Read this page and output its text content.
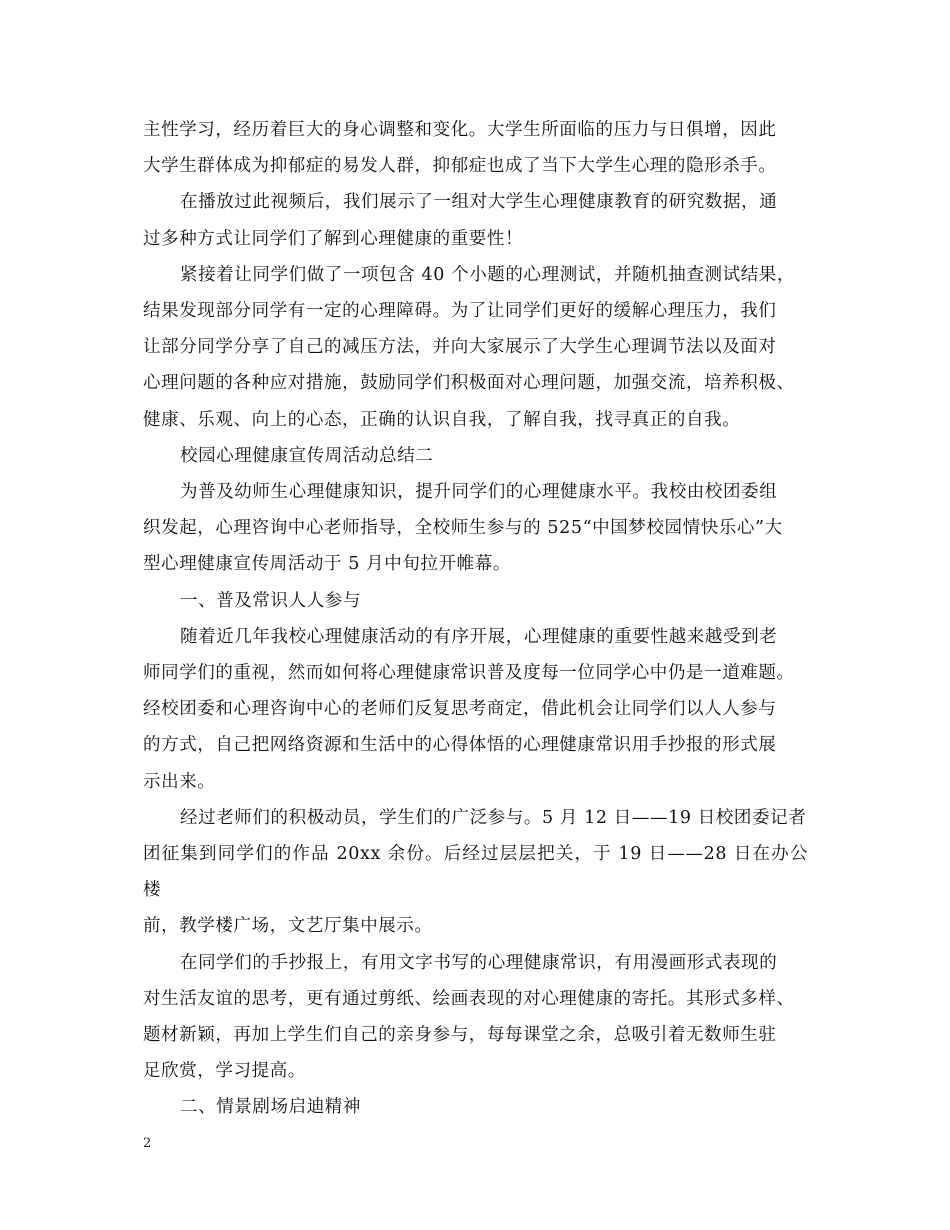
主性学习，经历着巨大的身心调整和变化。大学生所面临的压力与日俱增，因此
大学生群体成为抑郁症的易发人群，抑郁症也成了当下大学生心理的隐形杀手。

在播放过此视频后，我们展示了一组对大学生心理健康教育的研究数据，通
过多种方式让同学们了解到心理健康的重要性！

紧接着让同学们做了一项包含 40 个小题的心理测试，并随机抽查测试结果，
结果发现部分同学有一定的心理障碍。为了让同学们更好的缓解心理压力，我们
让部分同学分享了自己的减压方法，并向大家展示了大学生心理调节法以及面对
心理问题的各种应对措施，鼓励同学们积极面对心理问题，加强交流，培养积极、
健康、乐观、向上的心态，正确的认识自我，了解自我，找寻真正的自我。

校园心理健康宣传周活动总结二

为普及幼师生心理健康知识，提升同学们的心理健康水平。我校由校团委组
织发起，心理咨询中心老师指导，全校师生参与的 525“中国梦校园情快乐心”大
型心理健康宣传周活动于 5 月中旬拉开帷幕。

一、普及常识人人参与

随着近几年我校心理健康活动的有序开展，心理健康的重要性越来越受到老
师同学们的重视，然而如何将心理健康常识普及度每一位同学心中仍是一道难题。
经校团委和心理咨询中心的老师们反复思考商定，借此机会让同学们以人人参与
的方式，自己把网络资源和生活中的心得体悟的心理健康常识用手抄报的形式展
示出来。

经过老师们的积极动员，学生们的广泛参与。5 月 12 日——19 日校团委记者
团征集到同学们的作品 20xx 余份。后经过层层把关，于 19 日——28 日在办公楼
前，教学楼广场，文艺厅集中展示。

在同学们的手抄报上，有用文字书写的心理健康常识，有用漫画形式表现的
对生活友谊的思考，更有通过剪纸、绘画表现的对心理健康的寄托。其形式多样、
题材新颖，再加上学生们自己的亲身参与，每每课堂之余，总吸引着无数师生驻
足欣赏，学习提高。

二、情景剧场启迪精神

2
